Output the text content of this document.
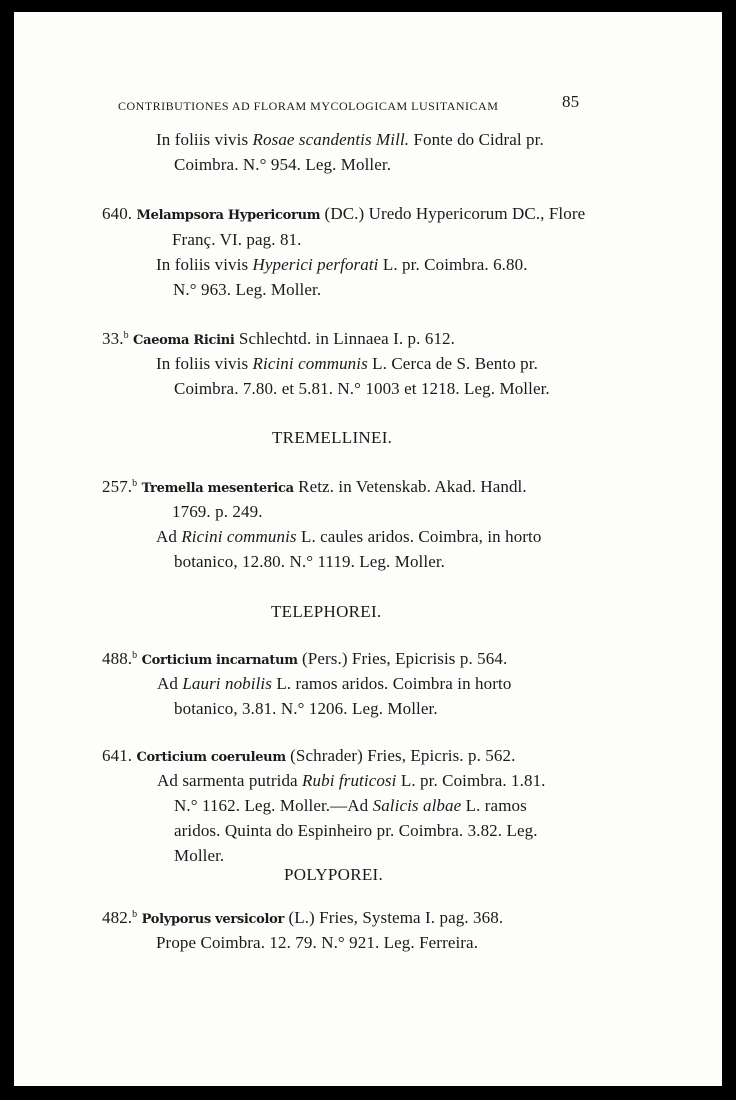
CONTRIBUTIONES AD FLORAM MYCOLOGICAM LUSITANICAM	85
In foliis vivis Rosae scandentis Mill. Fonte do Cidral pr.
Coimbra. N.° 954. Leg. Moller.
640. Melampsora Hypericorum (DC.) Uredo Hypericorum DC., Flore
Franç. VI. pag. 81.
In foliis vivis Hyperici perforati L. pr. Coimbra. 6.80.
N.° 963. Leg. Moller.
33.$^b$ Caeoma Ricini Schlechtd. in Linnaea I. p. 612.
In foliis vivis Ricini communis L. Cerca de S. Bento pr.
Coimbra. 7.80. et 5.81. N.° 1003 et 1218. Leg. Moller.
TREMELLINEI.
257.$^b$ Tremella mesenterica Retz. in Vetenskab. Akad. Handl.
1769. p. 249.
Ad Ricini communis L. caules aridos. Coimbra, in horto
botanico, 12.80. N.° 1119. Leg. Moller.
TELEPHOREI.
488.$^b$ Corticium incarnatum (Pers.) Fries, Epicrisis p. 564.
Ad Lauri nobilis L. ramos aridos. Coimbra in horto
botanico, 3.81. N.° 1206. Leg. Moller.
641. Corticium coeruleum (Schrader) Fries, Epicris. p. 562.
Ad sarmenta putrida Rubi fruticosi L. pr. Coimbra. 1.81.
N.° 1162. Leg. Moller.—Ad Salicis albae L. ramos
aridos. Quinta do Espinheiro pr. Coimbra. 3.82. Leg.
Moller.
POLYPOREI.
482.$^b$ Polyporus versicolor (L.) Fries, Systema I. pag. 368.
Prope Coimbra. 12. 79. N.° 921. Leg. Ferreira.
